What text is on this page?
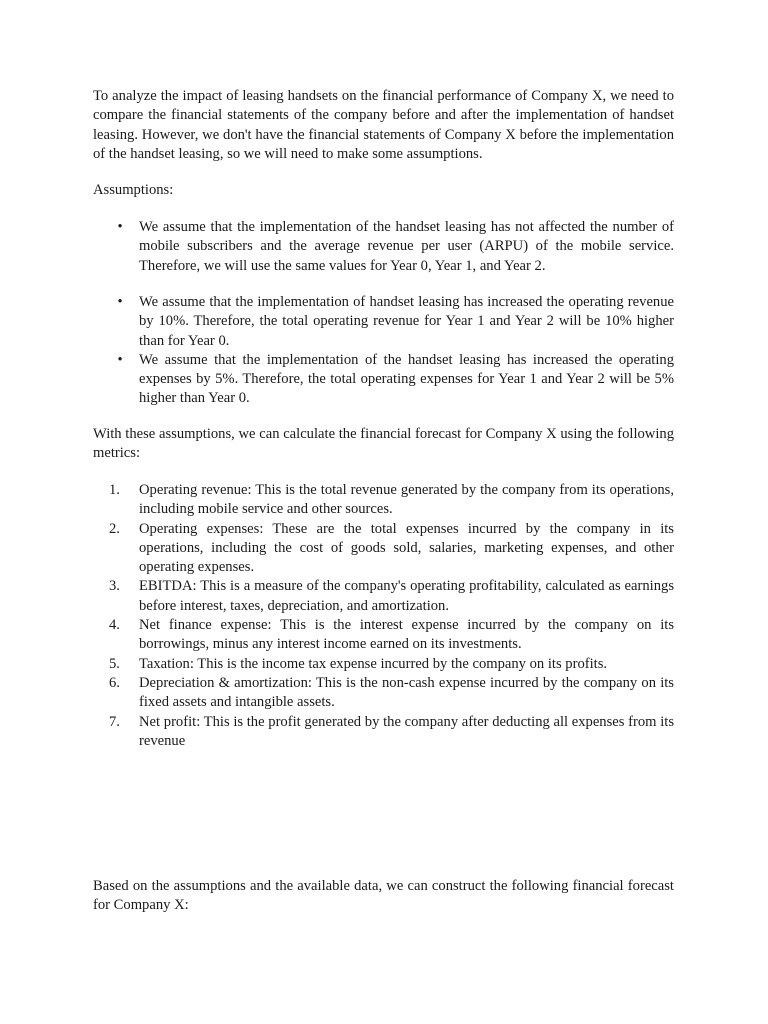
To analyze the impact of leasing handsets on the financial performance of Company X, we need to compare the financial statements of the company before and after the implementation of handset leasing. However, we don't have the financial statements of Company X before the implementation of the handset leasing, so we will need to make some assumptions.

Assumptions:

• We assume that the implementation of the handset leasing has not affected the number of mobile subscribers and the average revenue per user (ARPU) of the mobile service. Therefore, we will use the same values for Year 0, Year 1, and Year 2.
• We assume that the implementation of handset leasing has increased the operating revenue by 10%. Therefore, the total operating revenue for Year 1 and Year 2 will be 10% higher than for Year 0.
• We assume that the implementation of the handset leasing has increased the operating expenses by 5%. Therefore, the total operating expenses for Year 1 and Year 2 will be 5% higher than Year 0.

With these assumptions, we can calculate the financial forecast for Company X using the following metrics:

1.	Operating revenue: This is the total revenue generated by the company from its operations, including mobile service and other sources.
2.	Operating expenses: These are the total expenses incurred by the company in its operations, including the cost of goods sold, salaries, marketing expenses, and other operating expenses.
3.	EBITDA: This is a measure of the company's operating profitability, calculated as earnings before interest, taxes, depreciation, and amortization.
4.	Net finance expense: This is the interest expense incurred by the company on its borrowings, minus any interest income earned on its investments.
5.	Taxation: This is the income tax expense incurred by the company on its profits.
6.	Depreciation & amortization: This is the non-cash expense incurred by the company on its fixed assets and intangible assets.
7.	Net profit: This is the profit generated by the company after deducting all expenses from its revenue

Based on the assumptions and the available data, we can construct the following financial forecast for Company X:
